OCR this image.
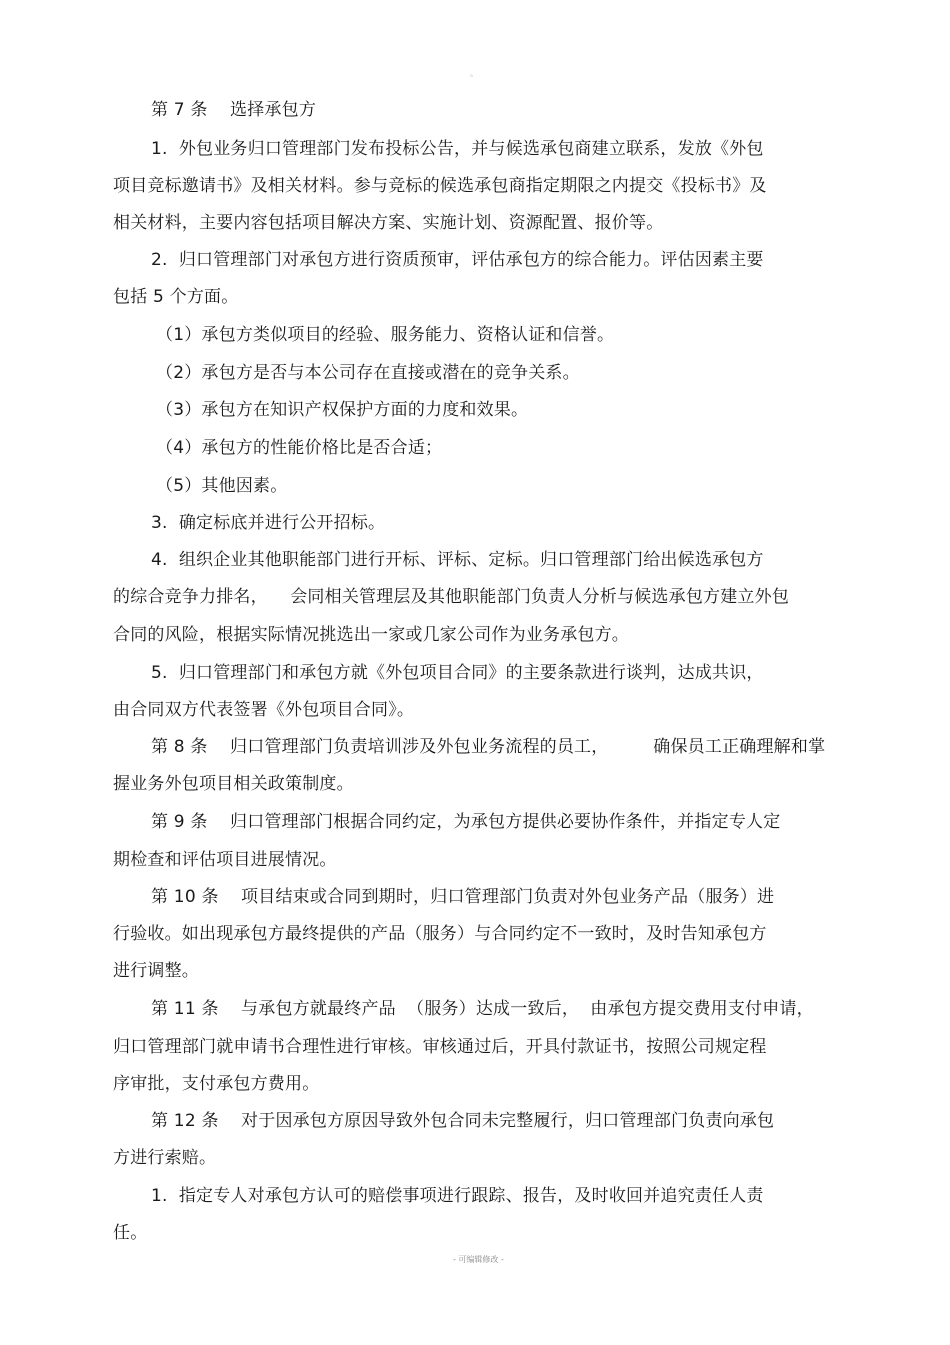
。
第 7 条    选择承包方
1.  外包业务归口管理部门发布投标公告，并与候选承包商建立联系，发放《外包
项目竞标邀请书》及相关材料。参与竞标的候选承包商指定期限之内提交《投标书》及
相关材料，主要内容包括项目解决方案、实施计划、资源配置、报价等。
2.  归口管理部门对承包方进行资质预审，评估承包方的综合能力。评估因素主要
包括 5 个方面。
（1）承包方类似项目的经验、服务能力、资格认证和信誉。
（2）承包方是否与本公司存在直接或潜在的竞争关系。
（3）承包方在知识产权保护方面的力度和效果。
（4）承包方的性能价格比是否合适；
（5）其他因素。
3.  确定标底并进行公开招标。
4.  组织企业其他职能部门进行开标、评标、定标。归口管理部门给出候选承包方
的综合竞争力排名，    会同相关管理层及其他职能部门负责人分析与候选承包方建立外包
合同的风险，根据实际情况挑选出一家或几家公司作为业务承包方。
5.  归口管理部门和承包方就《外包项目合同》的主要条款进行谈判，达成共识，
由合同双方代表签署《外包项目合同》。
第 8 条    归口管理部门负责培训涉及外包业务流程的员工，        确保员工正确理解和掌
握业务外包项目相关政策制度。
第 9 条    归口管理部门根据合同约定，为承包方提供必要协作条件，并指定专人定
期检查和评估项目进展情况。
第 10 条    项目结束或合同到期时，归口管理部门负责对外包业务产品（服务）进
行验收。如出现承包方最终提供的产品（服务）与合同约定不一致时，及时告知承包方
进行调整。
第 11 条    与承包方就最终产品  （服务）达成一致后，  由承包方提交费用支付申请，
归口管理部门就申请书合理性进行审核。审核通过后，开具付款证书，按照公司规定程
序审批，支付承包方费用。
第 12 条    对于因承包方原因导致外包合同未完整履行，归口管理部门负责向承包
方进行索赔。
1.  指定专人对承包方认可的赔偿事项进行跟踪、报告，及时收回并追究责任人责
任。
- 可编辑修改 -
